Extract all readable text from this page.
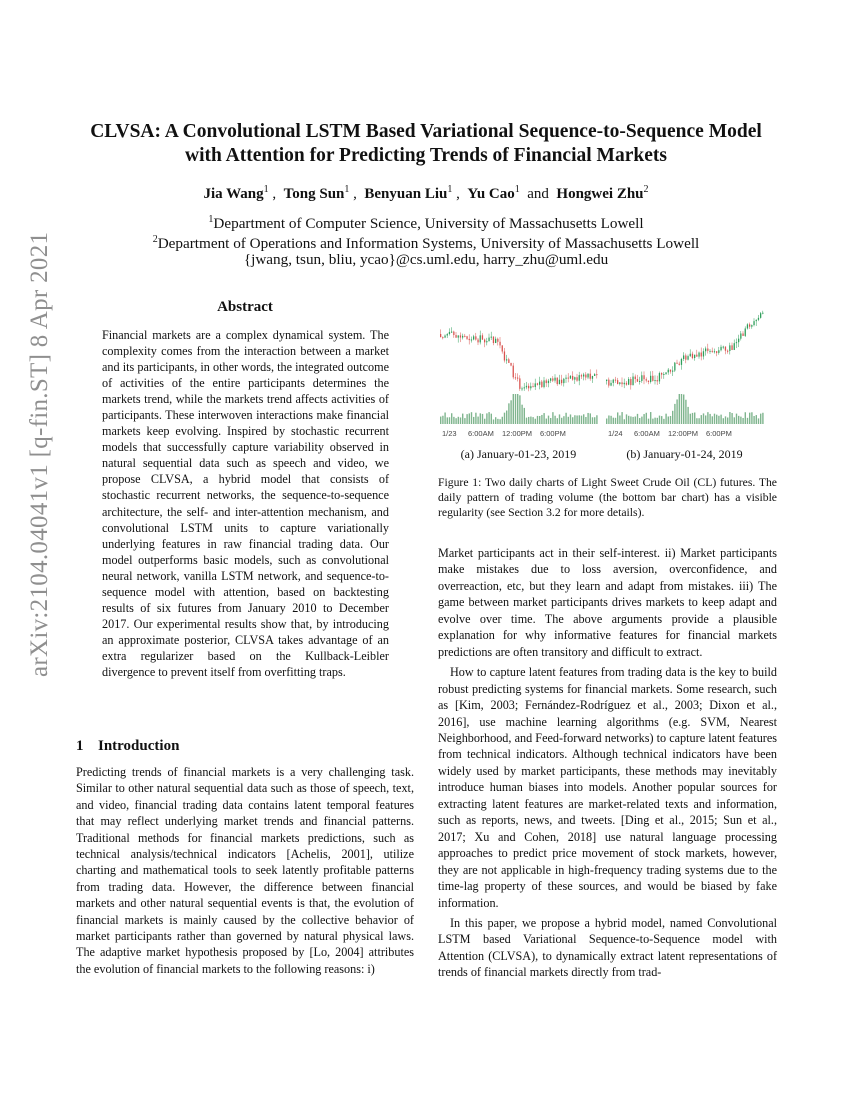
arXiv:2104.04041v1 [q-fin.ST] 8 Apr 2021
CLVSA: A Convolutional LSTM Based Variational Sequence-to-Sequence Model
with Attention for Predicting Trends of Financial Markets
Jia Wang$^1$ ,  Tong Sun$^1$ ,  Benyuan Liu$^1$ ,  Yu Cao$^1$ and Hongwei Zhu$^2$
$^1$Department of Computer Science, University of Massachusetts Lowell
$^2$Department of Operations and Information Systems, University of Massachusetts Lowell
{jwang, tsun, bliu, ycao}@cs.uml.edu, harry_zhu@uml.edu
Abstract
Financial markets are a complex dynamical system. The complexity comes from the interaction between a market and its participants, in other words, the integrated outcome of activities of the entire participants determines the markets trend, while the markets trend affects activities of participants. These interwoven interactions make financial markets keep evolving. Inspired by stochastic recurrent models that successfully capture variability observed in natural sequential data such as speech and video, we propose CLVSA, a hybrid model that consists of stochastic recurrent networks, the sequence-to-sequence architecture, the self- and inter-attention mechanism, and convolutional LSTM units to capture variationally underlying features in raw financial trading data. Our model outperforms basic models, such as convolutional neural network, vanilla LSTM network, and sequence-to-sequence model with attention, based on backtesting results of six futures from January 2010 to December 2017. Our experimental results show that, by introducing an approximate posterior, CLVSA takes advantage of an extra regularizer based on the Kullback-Leibler divergence to prevent itself from overfitting traps.
1 Introduction
Predicting trends of financial markets is a very challenging task. Similar to other natural sequential data such as those of speech, text, and video, financial trading data contains latent temporal features that may reflect underlying market trends and financial patterns. Traditional methods for financial markets predictions, such as technical analysis/technical indicators [Achelis, 2001], utilize charting and mathematical tools to seek latently profitable patterns from trading data. However, the difference between financial markets and other natural sequential events is that, the evolution of financial markets is mainly caused by the collective behavior of market participants rather than governed by natural physical laws. The adaptive market hypothesis proposed by [Lo, 2004] attributes the evolution of financial markets to the following reasons: i)
1/23 6:00AM 12:00PM 6:00PM
(a) January-01-23, 2019
1/24 6:00AM 12:00PM 6:00PM
(b) January-01-24, 2019
Figure 1: Two daily charts of Light Sweet Crude Oil (CL) futures. The daily pattern of trading volume (the bottom bar chart) has a visible regularity (see Section 3.2 for more details).

Market participants act in their self-interest. ii) Market participants make mistakes due to loss aversion, overconfidence, and overreaction, etc, but they learn and adapt from mistakes. iii) The game between market participants drives markets to keep adapt and evolve over time. The above arguments provide a plausible explanation for why informative features for financial markets predictions are often transitory and difficult to extract.

How to capture latent features from trading data is the key to build robust predicting systems for financial markets. Some research, such as [Kim, 2003; Fernández-Rodríguez et al., 2003; Dixon et al., 2016], use machine learning algorithms (e.g. SVM, Nearest Neighborhood, and Feed-forward networks) to capture latent features from technical indicators. Although technical indicators have been widely used by market participants, these methods may inevitably introduce human biases into models. Another popular sources for extracting latent features are market-related texts and information, such as reports, news, and tweets. [Ding et al., 2015; Sun et al., 2017; Xu and Cohen, 2018] use natural language processing approaches to predict price movement of stock markets, however, they are not applicable in high-frequency trading systems due to the time-lag property of these sources, and would be biased by fake information.

In this paper, we propose a hybrid model, named Convolutional LSTM based Variational Sequence-to-Sequence model with Attention (CLVSA), to dynamically extract latent representations of trends of financial markets directly from trad-
